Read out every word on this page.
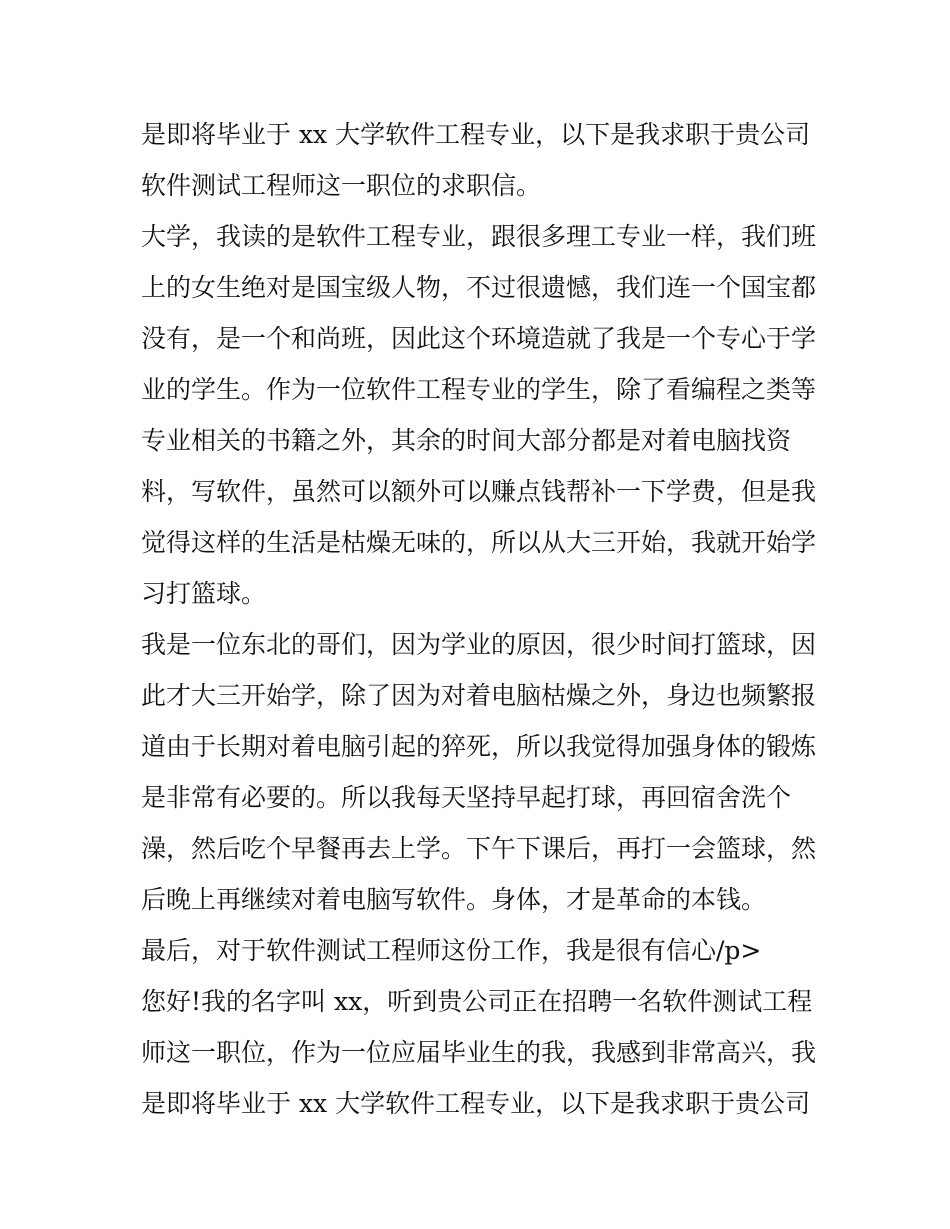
是即将毕业于 xx 大学软件工程专业，以下是我求职于贵公司
软件测试工程师这一职位的求职信。
大学，我读的是软件工程专业，跟很多理工专业一样，我们班
上的女生绝对是国宝级人物，不过很遗憾，我们连一个国宝都
没有，是一个和尚班，因此这个环境造就了我是一个专心于学
业的学生。作为一位软件工程专业的学生，除了看编程之类等
专业相关的书籍之外，其余的时间大部分都是对着电脑找资
料，写软件，虽然可以额外可以赚点钱帮补一下学费，但是我
觉得这样的生活是枯燥无味的，所以从大三开始，我就开始学
习打篮球。
我是一位东北的哥们，因为学业的原因，很少时间打篮球，因
此才大三开始学，除了因为对着电脑枯燥之外，身边也频繁报
道由于长期对着电脑引起的猝死，所以我觉得加强身体的锻炼
是非常有必要的。所以我每天坚持早起打球，再回宿舍洗个
澡，然后吃个早餐再去上学。下午下课后，再打一会篮球，然
后晚上再继续对着电脑写软件。身体，才是革命的本钱。
最后，对于软件测试工程师这份工作，我是很有信心/p>
您好!我的名字叫 xx，听到贵公司正在招聘一名软件测试工程
师这一职位，作为一位应届毕业生的我，我感到非常高兴，我
是即将毕业于 xx 大学软件工程专业，以下是我求职于贵公司
